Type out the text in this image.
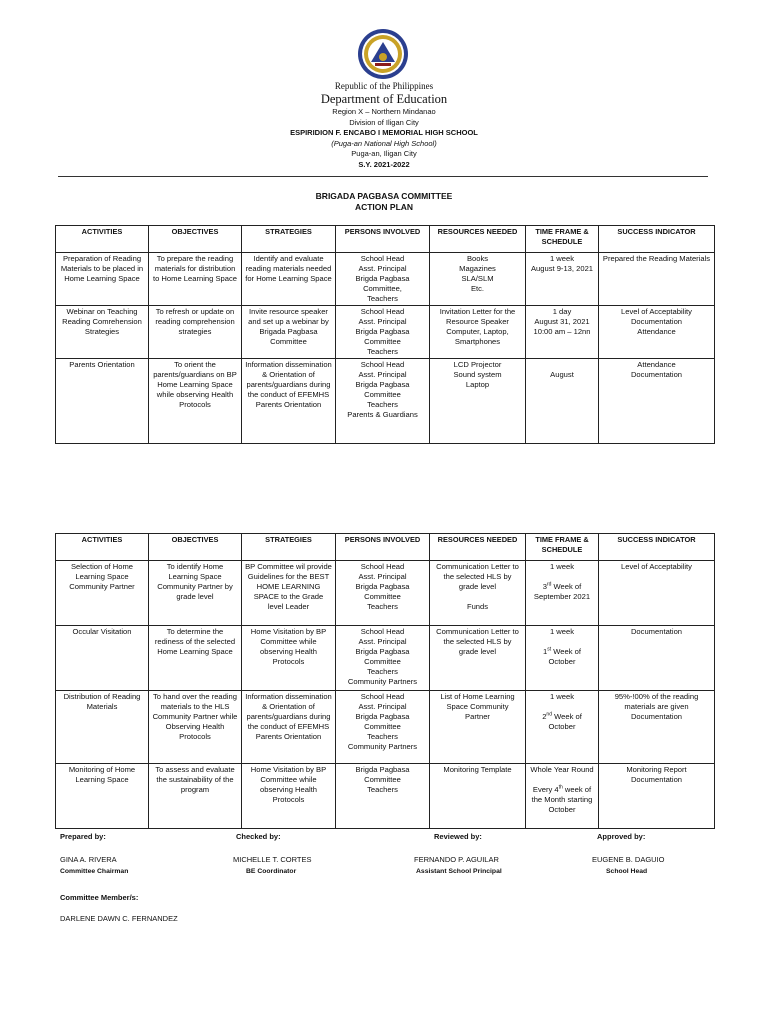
Republic of the Philippines
Department of Education
Region X – Northern Mindanao
Division of Iligan City
ESPIRIDION F. ENCABO I MEMORIAL HIGH SCHOOL
(Puga-an National High School)
Puga-an, Iligan City
S.Y. 2021-2022
BRIGADA PAGBASA COMMITTEE
ACTION PLAN
ACTIVITIES	OBJECTIVES	STRATEGIES	PERSONS INVOLVED	RESOURCES NEEDED	TIME FRAME & SCHEDULE	SUCCESS INDICATOR
Preparation of Reading Materials to be placed in Home Learning Space	To prepare the reading materials for distribution to Home Learning Space	Identify and evaluate reading materials needed for Home Learning Space	School Head
Asst. Principal
Brigda Pagbasa Committee,
Teachers	Books
Magazines
SLA/SLM
Etc.	1 week
August 9-13, 2021	Prepared the Reading Materials
Webinar on Teaching Reading Comrehension Strategies	To refresh or update on reading comprehension strategies	Invite resource speaker and set up a webinar by Brigada Pagbasa Committee	School Head
Asst. Principal
Brigda Pagbasa Committee
Teachers	Invitation Letter for the Resource Speaker
Computer, Laptop, Smartphones	1 day
August 31, 2021
10:00 am – 12nn	Level of Acceptability
Documentation
Attendance
Parents Orientation	To orient the parents/guardians on BP Home Learning Space while observing Health Protocols	Information dissemination & Orientation of parents/guardians during the conduct of EFEMHS Parents Orientation	School Head
Asst. Principal
Brigda Pagbasa Committee
Teachers
Parents & Guardians	LCD Projector
Sound system
Laptop	August	Attendance
Documentation
ACTIVITIES	OBJECTIVES	STRATEGIES	PERSONS INVOLVED	RESOURCES NEEDED	TIME FRAME & SCHEDULE	SUCCESS INDICATOR
Selection of Home Learning Space Community Partner	To identify Home Learning Space Community Partner by grade level	BP Committee wil provide Guidelines for the BEST HOME LEARNING SPACE to the Grade level Leader	School Head
Asst. Principal
Brigda Pagbasa Committee
Teachers	Communication Letter to the selected HLS by grade level

Funds	1 week

3rd Week of September 2021	Level of Acceptability
Occular Visitation	To determine the rediness of the selected Home Learning Space	Home Visitation by BP Committee while observing Health Protocols	School Head
Asst. Principal
Brigda Pagbasa Committee
Teachers
Community Partners	Communication Letter to the selected HLS by grade level	1 week

1st Week of October	Documentation
Distribution of Reading Materials	To hand over the reading materials to the HLS Community Partner while Observing Health Protocols	Information dissemination & Orientation of parents/guardians during the conduct of EFEMHS Parents Orientation	School Head
Asst. Principal
Brigda Pagbasa Committee
Teachers
Community Partners	List of Home Learning Space Community Partner	1 week

2nd Week of October	95%-!00% of the reading materials are given Documentation
Monitoring of Home Learning Space	To assess and evaluate the sustainability of the program	Home Visitation by BP Committee while observing Health Protocols	Brigda Pagbasa Committee
Teachers	Monitoring Template	Whole Year Round

Every 4th week of the Month starting October	Monitoring Report
Documentation
Prepared by:	Checked by:	Reviewed by:	Approved by:
GINA A. RIVERA
Committee Chairman
MICHELLE T. CORTES
BE Coordinator
FERNANDO P. AGUILAR
Assistant School Principal
EUGENE B. DAGUIO
School Head
Committee Member/s:
DARLENE DAWN C. FERNANDEZ
